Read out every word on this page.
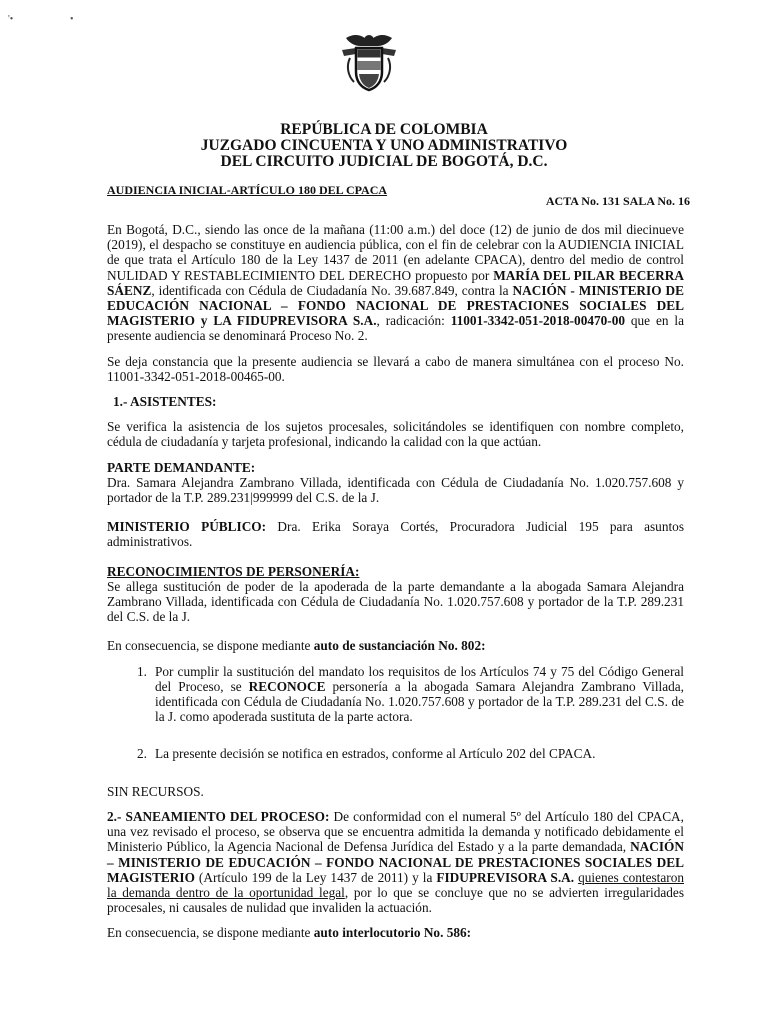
'•	•
REPÚBLICA DE COLOMBIA
JUZGADO CINCUENTA Y UNO ADMINISTRATIVO
DEL CIRCUITO JUDICIAL DE BOGOTÁ, D.C.
AUDIENCIA INICIAL-ARTÍCULO 180 DEL CPACA
ACTA No. 131 SALA No. 16

En Bogotá, D.C., siendo las once de la mañana (11:00 a.m.) del doce (12) de junio de dos mil diecinueve (2019), el despacho se constituye en audiencia pública, con el fin de celebrar con la AUDIENCIA INICIAL de que trata el Artículo 180 de la Ley 1437 de 2011 (en adelante CPACA), dentro del medio de control NULIDAD Y RESTABLECIMIENTO DEL DERECHO propuesto por MARÍA DEL PILAR BECERRA SÁENZ, identificada con Cédula de Ciudadanía No. 39.687.849, contra la NACIÓN - MINISTERIO DE EDUCACIÓN NACIONAL – FONDO NACIONAL DE PRESTACIONES SOCIALES DEL MAGISTERIO y LA FIDUPREVISORA S.A., radicación: 11001-3342-051-2018-00470-00 que en la presente audiencia se denominará Proceso No. 2.

Se deja constancia que la presente audiencia se llevará a cabo de manera simultánea con el proceso No. 11001-3342-051-2018-00465-00.

1.- ASISTENTES:

Se verifica la asistencia de los sujetos procesales, solicitándoles se identifiquen con nombre completo, cédula de ciudadanía y tarjeta profesional, indicando la calidad con la que actúan.

PARTE DEMANDANTE:
Dra. Samara Alejandra Zambrano Villada, identificada con Cédula de Ciudadanía No. 1.020.757.608 y portador de la T.P. 289.231|999999 del C.S. de la J.

MINISTERIO PÚBLICO: Dra. Erika Soraya Cortés, Procuradora Judicial 195 para asuntos administrativos.

RECONOCIMIENTOS DE PERSONERÍA:
Se allega sustitución de poder de la apoderada de la parte demandante a la abogada Samara Alejandra Zambrano Villada, identificada con Cédula de Ciudadanía No. 1.020.757.608 y portador de la T.P. 289.231 del C.S. de la J.

En consecuencia, se dispone mediante auto de sustanciación No. 802:

1. Por cumplir la sustitución del mandato los requisitos de los Artículos 74 y 75 del Código General del Proceso, se RECONOCE personería a la abogada Samara Alejandra Zambrano Villada, identificada con Cédula de Ciudadanía No. 1.020.757.608 y portador de la T.P. 289.231 del C.S. de la J. como apoderada sustituta de la parte actora.
2. La presente decisión se notifica en estrados, conforme al Artículo 202 del CPACA.

SIN RECURSOS.

2.- SANEAMIENTO DEL PROCESO: De conformidad con el numeral 5º del Artículo 180 del CPACA, una vez revisado el proceso, se observa que se encuentra admitida la demanda y notificado debidamente el Ministerio Público, la Agencia Nacional de Defensa Jurídica del Estado y a la parte demandada, NACIÓN – MINISTERIO DE EDUCACIÓN – FONDO NACIONAL DE PRESTACIONES SOCIALES DEL MAGISTERIO (Artículo 199 de la Ley 1437 de 2011) y la FIDUPREVISORA S.A. quienes contestaron la demanda dentro de la oportunidad legal, por lo que se concluye que no se advierten irregularidades procesales, ni causales de nulidad que invaliden la actuación.

En consecuencia, se dispone mediante auto interlocutorio No. 586:
